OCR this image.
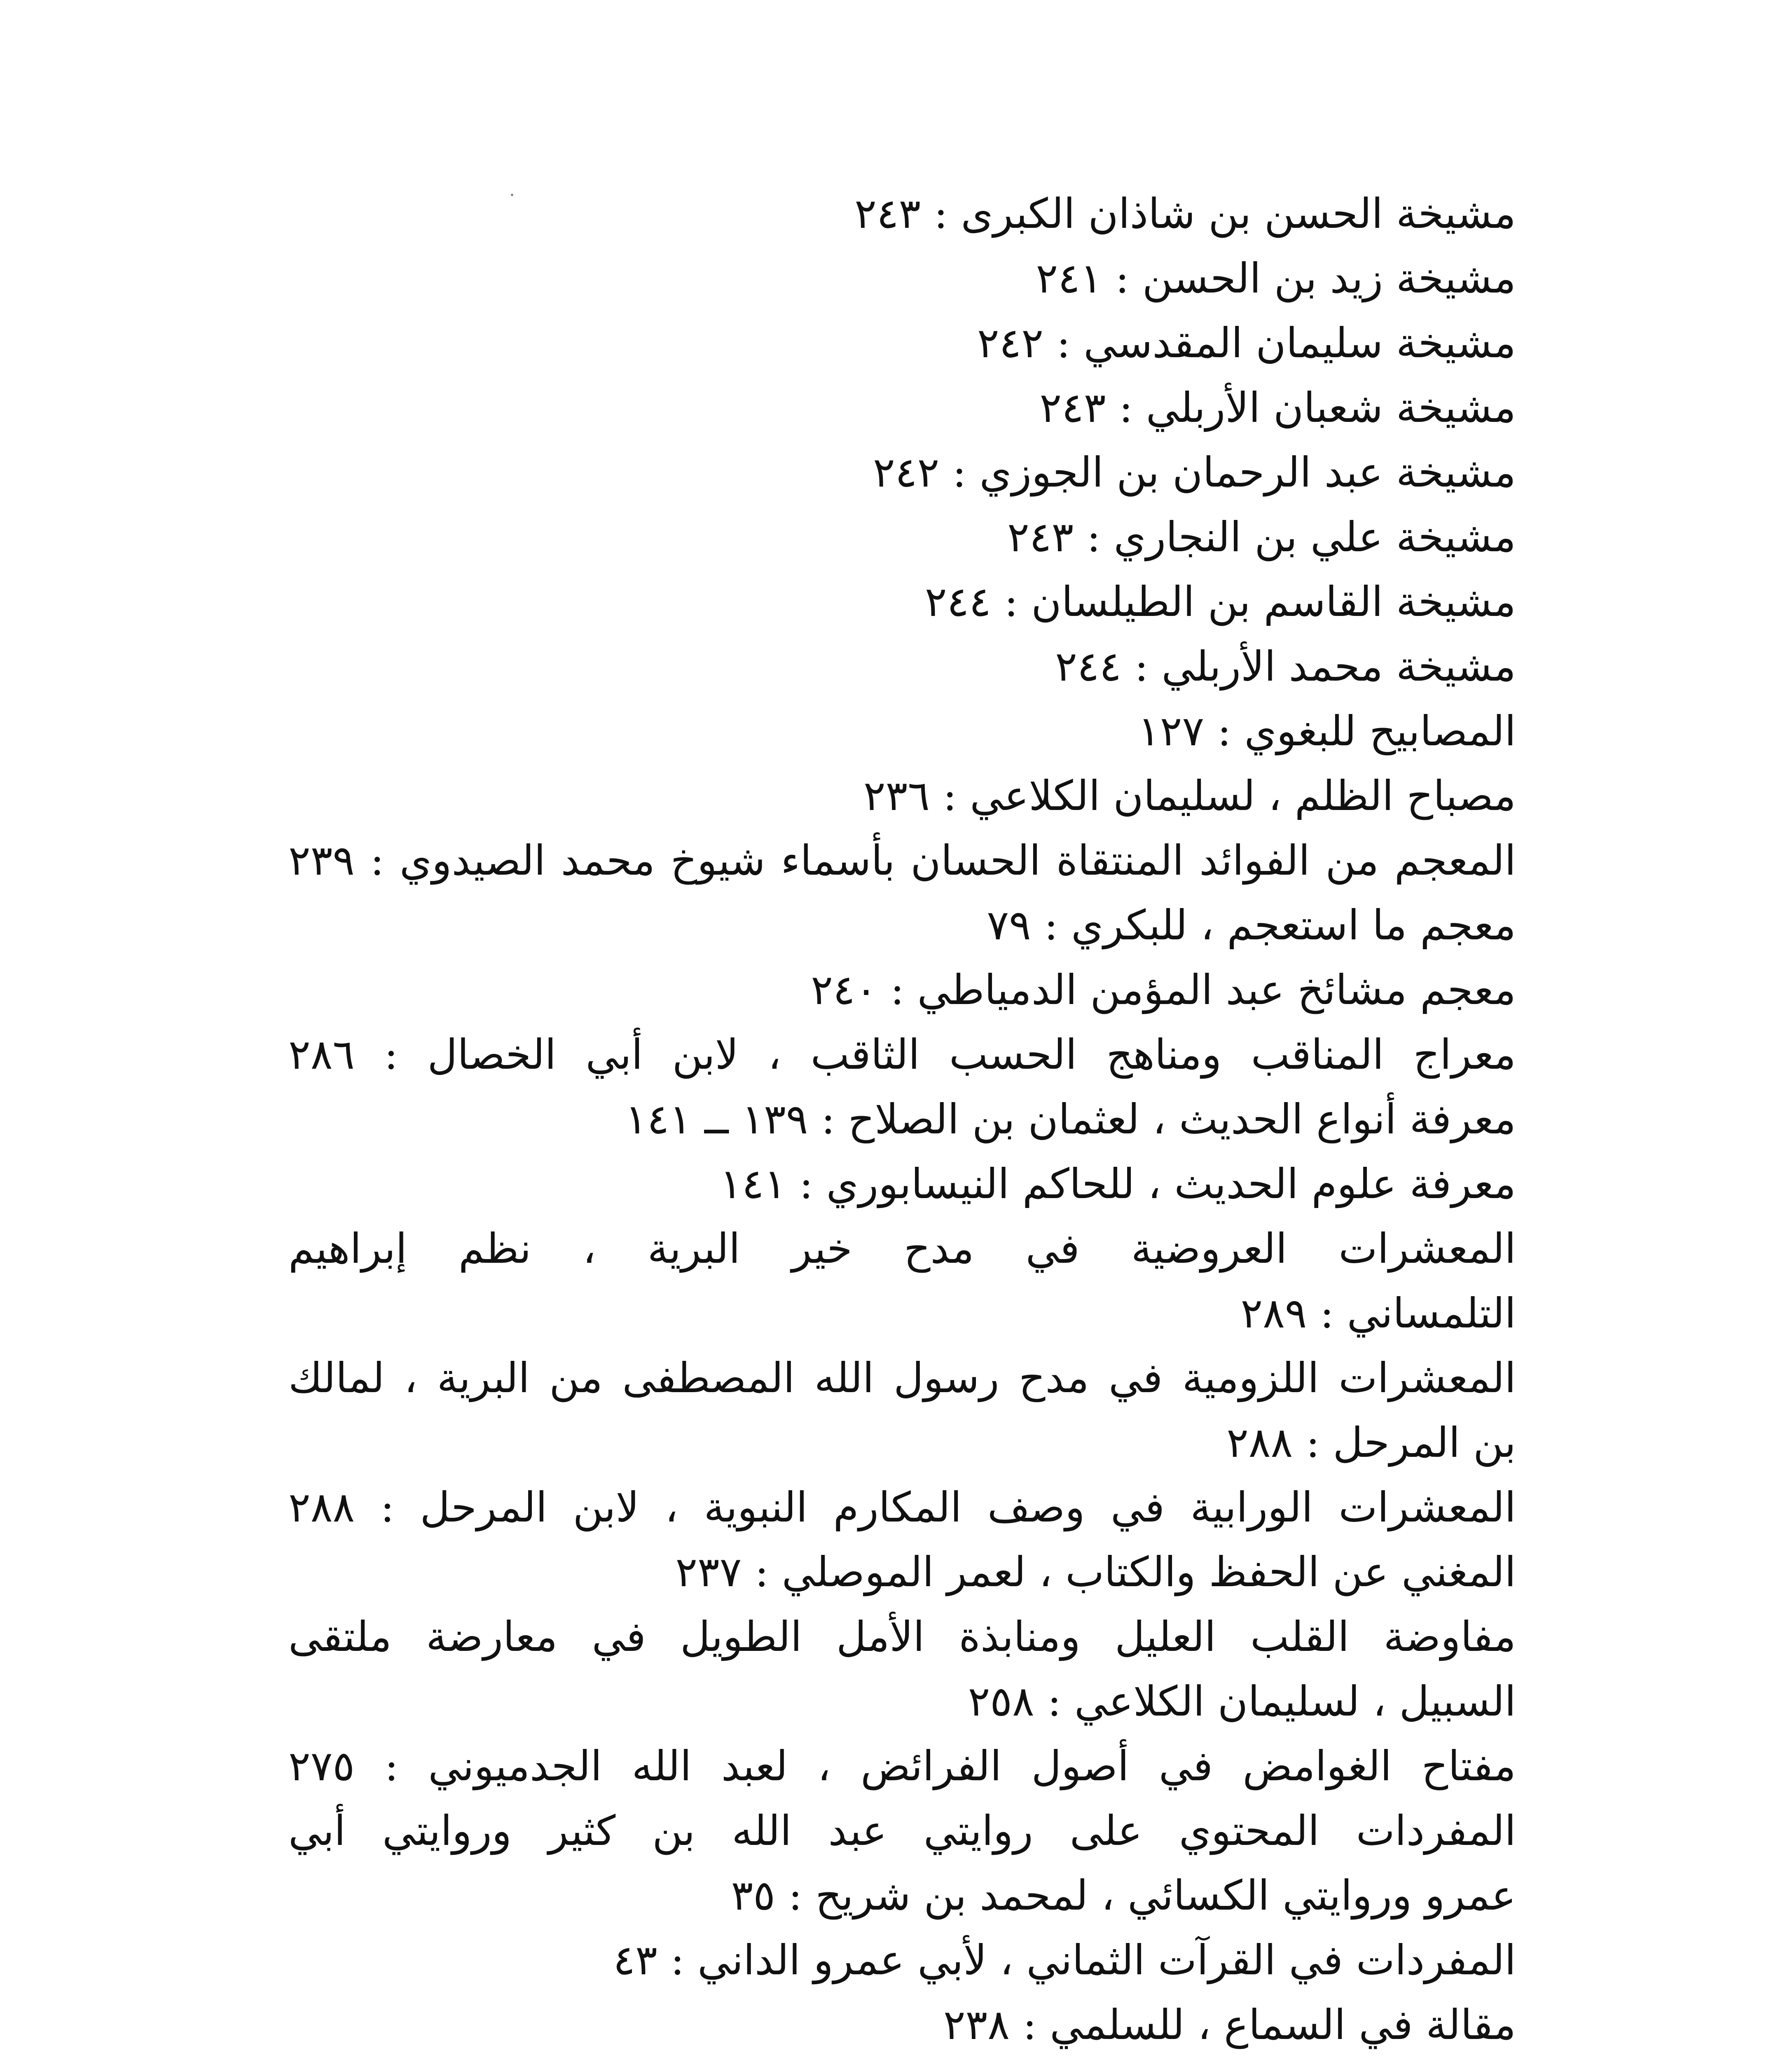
مشيخة الحسن بن شاذان الكبرى : ٢٤٣
مشيخة زيد بن الحسن : ٢٤١
مشيخة سليمان المقدسي : ٢٤٢
مشيخة شعبان الأربلي : ٢٤٣
مشيخة عبد الرحمان بن الجوزي : ٢٤٢
مشيخة علي بن النجاري : ٢٤٣
مشيخة القاسم بن الطيلسان : ٢٤٤
مشيخة محمد الأربلي : ٢٤٤
المصابيح للبغوي : ١٢٧
مصباح الظلم ، لسليمان الكلاعي : ٢٣٦
المعجم من الفوائد المنتقاة الحسان بأسماء شيوخ محمد الصيدوي : ٢٣٩
معجم ما استعجم ، للبكري : ٧٩
معجم مشائخ عبد المؤمن الدمياطي : ٢٤٠
معراج المناقب ومناهج الحسب الثاقب ، لابن أبي الخصال : ٢٨٦
معرفة أنواع الحديث ، لعثمان بن الصلاح : ١٣٩ ــ ١٤١
معرفة علوم الحديث ، للحاكم النيسابوري : ١٤١
المعشرات العروضية في مدح خير البرية ، نظم إبراهيم
التلمساني : ٢٨٩
المعشرات اللزومية في مدح رسول الله المصطفى من البرية ، لمالك
بن المرحل : ٢٨٨
المعشرات الورابية في وصف المكارم النبوية ، لابن المرحل : ٢٨٨
المغني عن الحفظ والكتاب ، لعمر الموصلي : ٢٣٧
مفاوضة القلب العليل ومنابذة الأمل الطويل في معارضة ملتقى
السبيل ، لسليمان الكلاعي : ٢٥٨
مفتاح الغوامض في أصول الفرائض ، لعبد الله الجدميوني : ٢٧٥
المفردات المحتوي على روايتي عبد الله بن كثير وروايتي أبي
عمرو وروايتي الكسائي ، لمحمد بن شريح : ٣٥
المفردات في القرآت الثماني ، لأبي عمرو الداني : ٤٣
مقالة في السماع ، للسلمي : ٢٣٨
